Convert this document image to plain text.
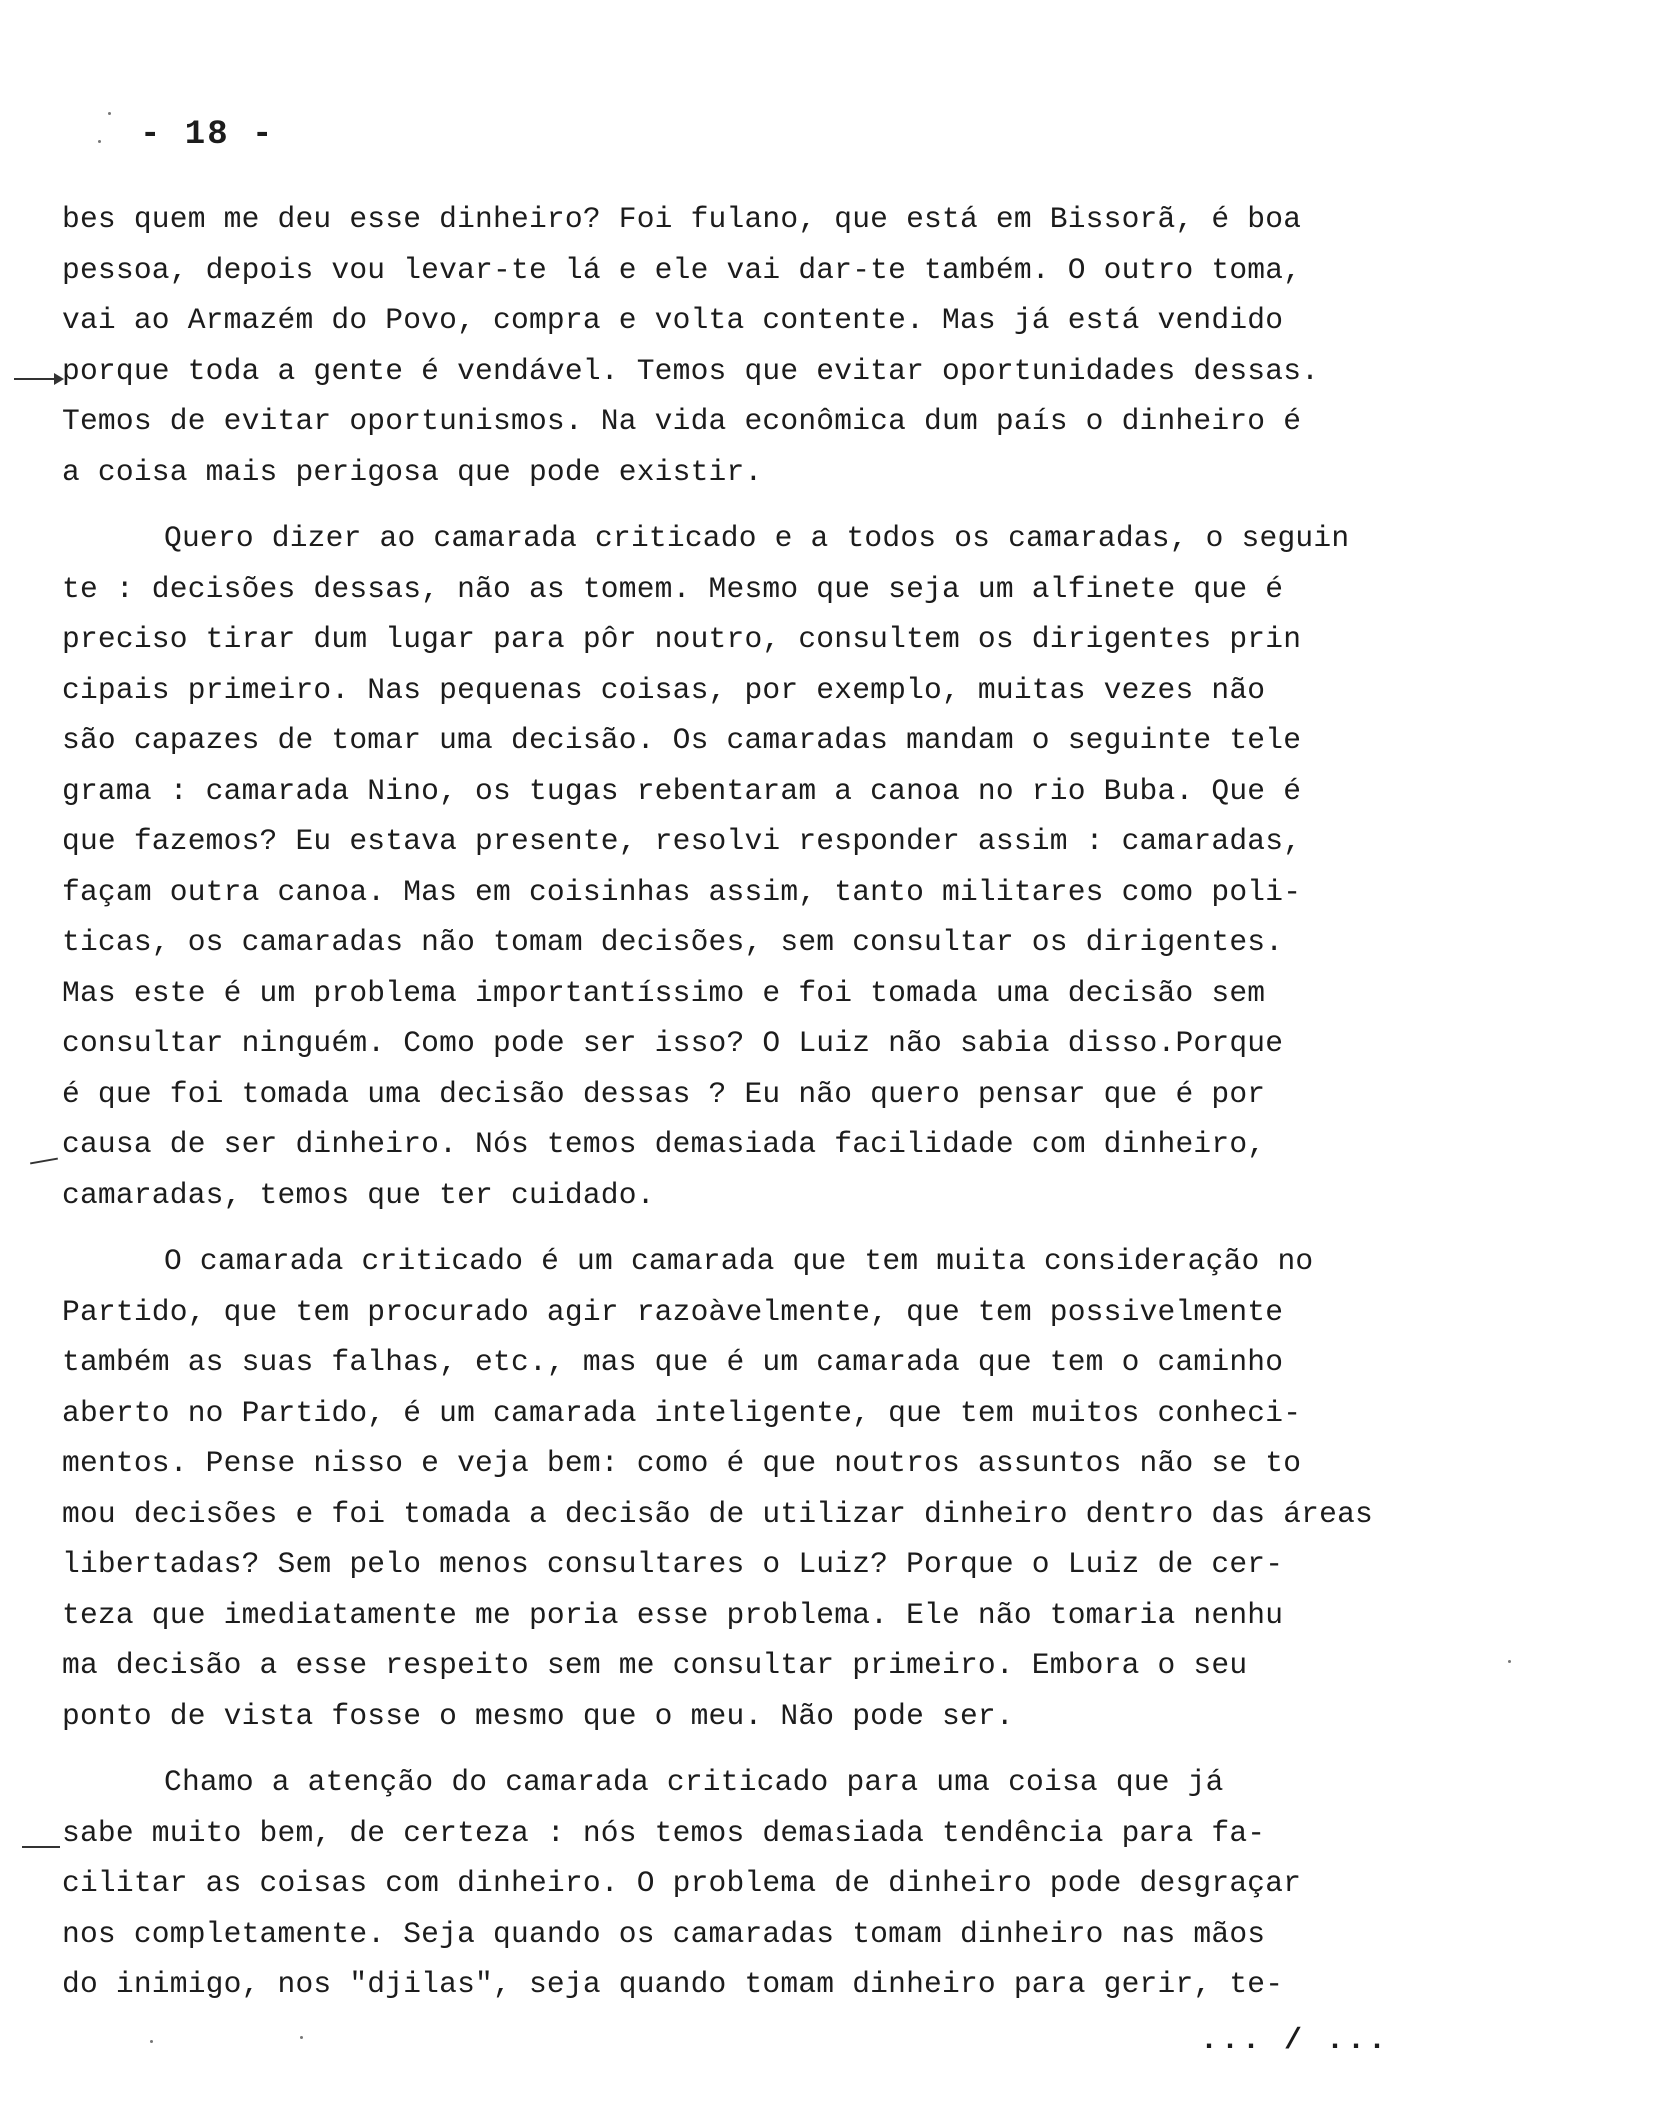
- 18 -
bes quem me deu esse dinheiro? Foi fulano, que está em Bissorã, é boa
pessoa, depois vou levar-te lá e ele vai dar-te também. O outro toma,
vai ao Armazém do Povo, compra e volta contente. Mas já está vendido
porque toda a gente é vendável. Temos que evitar oportunidades dessas.
Temos de evitar oportunismos. Na vida econômica dum país o dinheiro é
a coisa mais perigosa que pode existir.
Quero dizer ao camarada criticado e a todos os camaradas, o seguin
te : decisões dessas, não as tomem. Mesmo que seja um alfinete que é
preciso tirar dum lugar para pôr noutro, consultem os dirigentes prin
cipais primeiro. Nas pequenas coisas, por exemplo, muitas vezes não
são capazes de tomar uma decisão. Os camaradas mandam o seguinte tele
grama : camarada Nino, os tugas rebentaram a canoa no rio Buba. Que é
que fazemos? Eu estava presente, resolvi responder assim : camaradas,
façam outra canoa. Mas em coisinhas assim, tanto militares como poli-
ticas, os camaradas não tomam decisões, sem consultar os dirigentes.
Mas este é um problema importantíssimo e foi tomada uma decisão sem
consultar ninguém. Como pode ser isso? O Luiz não sabia disso.Porque
é que foi tomada uma decisão dessas ? Eu não quero pensar que é por
causa de ser dinheiro. Nós temos demasiada facilidade com dinheiro,
camaradas, temos que ter cuidado.
O camarada criticado é um camarada que tem muita consideração no
Partido, que tem procurado agir razoàvelmente, que tem possivelmente
também as suas falhas, etc., mas que é um camarada que tem o caminho
aberto no Partido, é um camarada inteligente, que tem muitos conheci-
mentos. Pense nisso e veja bem: como é que noutros assuntos não se to
mou decisões e foi tomada a decisão de utilizar dinheiro dentro das áreas
libertadas? Sem pelo menos consultares o Luiz? Porque o Luiz de cer-
teza que imediatamente me poria esse problema. Ele não tomaria nenhu
ma decisão a esse respeito sem me consultar primeiro. Embora o seu
ponto de vista fosse o mesmo que o meu. Não pode ser.
Chamo a atenção do camarada criticado para uma coisa que já
sabe muito bem, de certeza : nós temos demasiada tendência para fa-
cilitar as coisas com dinheiro. O problema de dinheiro pode desgraçar
nos completamente. Seja quando os camaradas tomam dinheiro nas mãos
do inimigo, nos "djilas", seja quando tomam dinheiro para gerir, te-
... / ...
